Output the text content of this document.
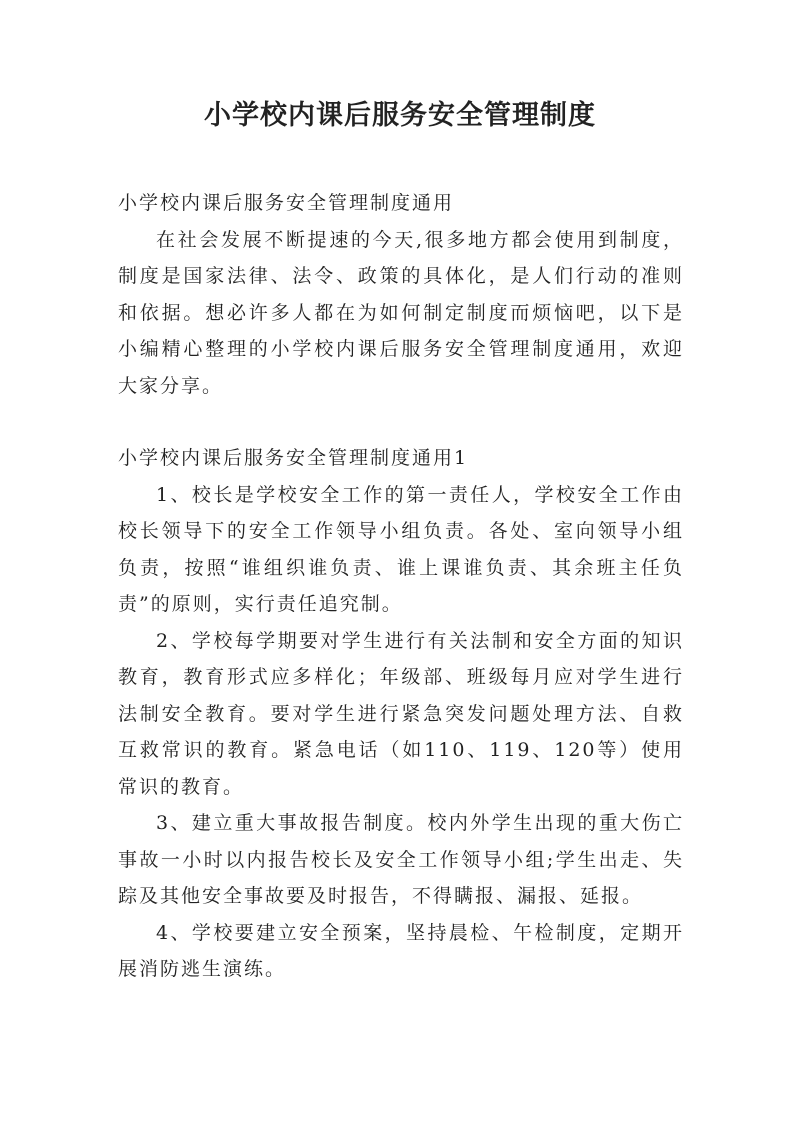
小学校内课后服务安全管理制度

小学校内课后服务安全管理制度通用

在社会发展不断提速的今天,很多地方都会使用到制度，制度是国家法律、法令、政策的具体化，是人们行动的准则和依据。想必许多人都在为如何制定制度而烦恼吧，以下是小编精心整理的小学校内课后服务安全管理制度通用，欢迎大家分享。

小学校内课后服务安全管理制度通用1

1、校长是学校安全工作的第一责任人，学校安全工作由校长领导下的安全工作领导小组负责。各处、室向领导小组负责，按照“谁组织谁负责、谁上课谁负责、其余班主任负责”的原则，实行责任追究制。

2、学校每学期要对学生进行有关法制和安全方面的知识教育，教育形式应多样化；年级部、班级每月应对学生进行法制安全教育。要对学生进行紧急突发问题处理方法、自救互救常识的教育。紧急电话（如110、119、120等）使用常识的教育。

3、建立重大事故报告制度。校内外学生出现的重大伤亡事故一小时以内报告校长及安全工作领导小组;学生出走、失踪及其他安全事故要及时报告，不得瞒报、漏报、延报。

4、学校要建立安全预案，坚持晨检、午检制度，定期开展消防逃生演练。
